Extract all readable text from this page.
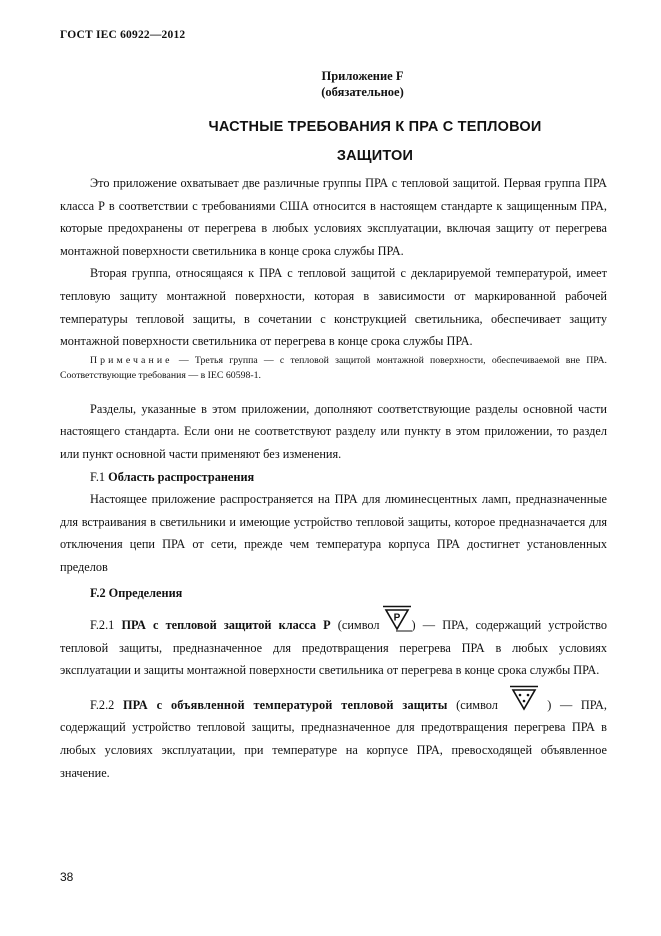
ГОСТ IEC 60922—2012
Приложение F
(обязательное)
ЧАСТНЫЕ ТРЕБОВАНИЯ К ПРА С ТЕПЛОВОИ
ЗАЩИТОИ

Это приложение охватывает две различные группы ПРА с тепловой защитой. Первая группа ПРА класса Р в соответствии с требованиями США относится в настоящем стандарте к защищенным ПРА, которые предохранены от перегрева в любых условиях эксплуатации, включая защиту от перегрева монтажной поверхности светильника в конце срока службы ПРА.

Вторая группа, относящаяся к ПРА с тепловой защитой с декларируемой температурой, имеет тепловую защиту монтажной поверхности, которая в зависимости от маркированной рабочей температуры тепловой защиты, в сочетании с конструкцией светильника, обеспечивает защиту монтажной поверхности светильника от перегрева в конце срока службы ПРА.

Примечание — Третья группа — с тепловой защитой монтажной поверхности, обеспечиваемой вне ПРА. Соответствующие требования — в IEC 60598-1.

Разделы, указанные в этом приложении, дополняют соответствующие разделы основной части настоящего стандарта. Если они не соответствуют разделу или пункту в этом приложении, то раздел или пункт основной части применяют без изменения.

F.1 Область распространения

Настоящее приложение распространяется на ПРА для люминесцентных ламп, предназначенные для встраивания в светильники и имеющие устройство тепловой защиты, которое предназначается для отключения цепи ПРА от сети, прежде чем температура корпуса ПРА достигнет установленных пределов

F.2 Определения

F.2.1 ПРА с тепловой защитой класса Р (символ P ) — ПРА, содержащий устройство тепловой защиты, предназначенное для предотвращения перегрева ПРА в любых условиях эксплуатации и защиты монтажной поверхности светильника от перегрева в конце срока службы ПРА.

F.2.2 ПРА с объявленной температурой тепловой защиты (символ	) — ПРА, содержащий устройство тепловой защиты, предназначенное для предотвращения перегрева ПРА в любых условиях эксплуатации, при температуре на корпусе ПРА, превосходящей объявленное значение.

38
